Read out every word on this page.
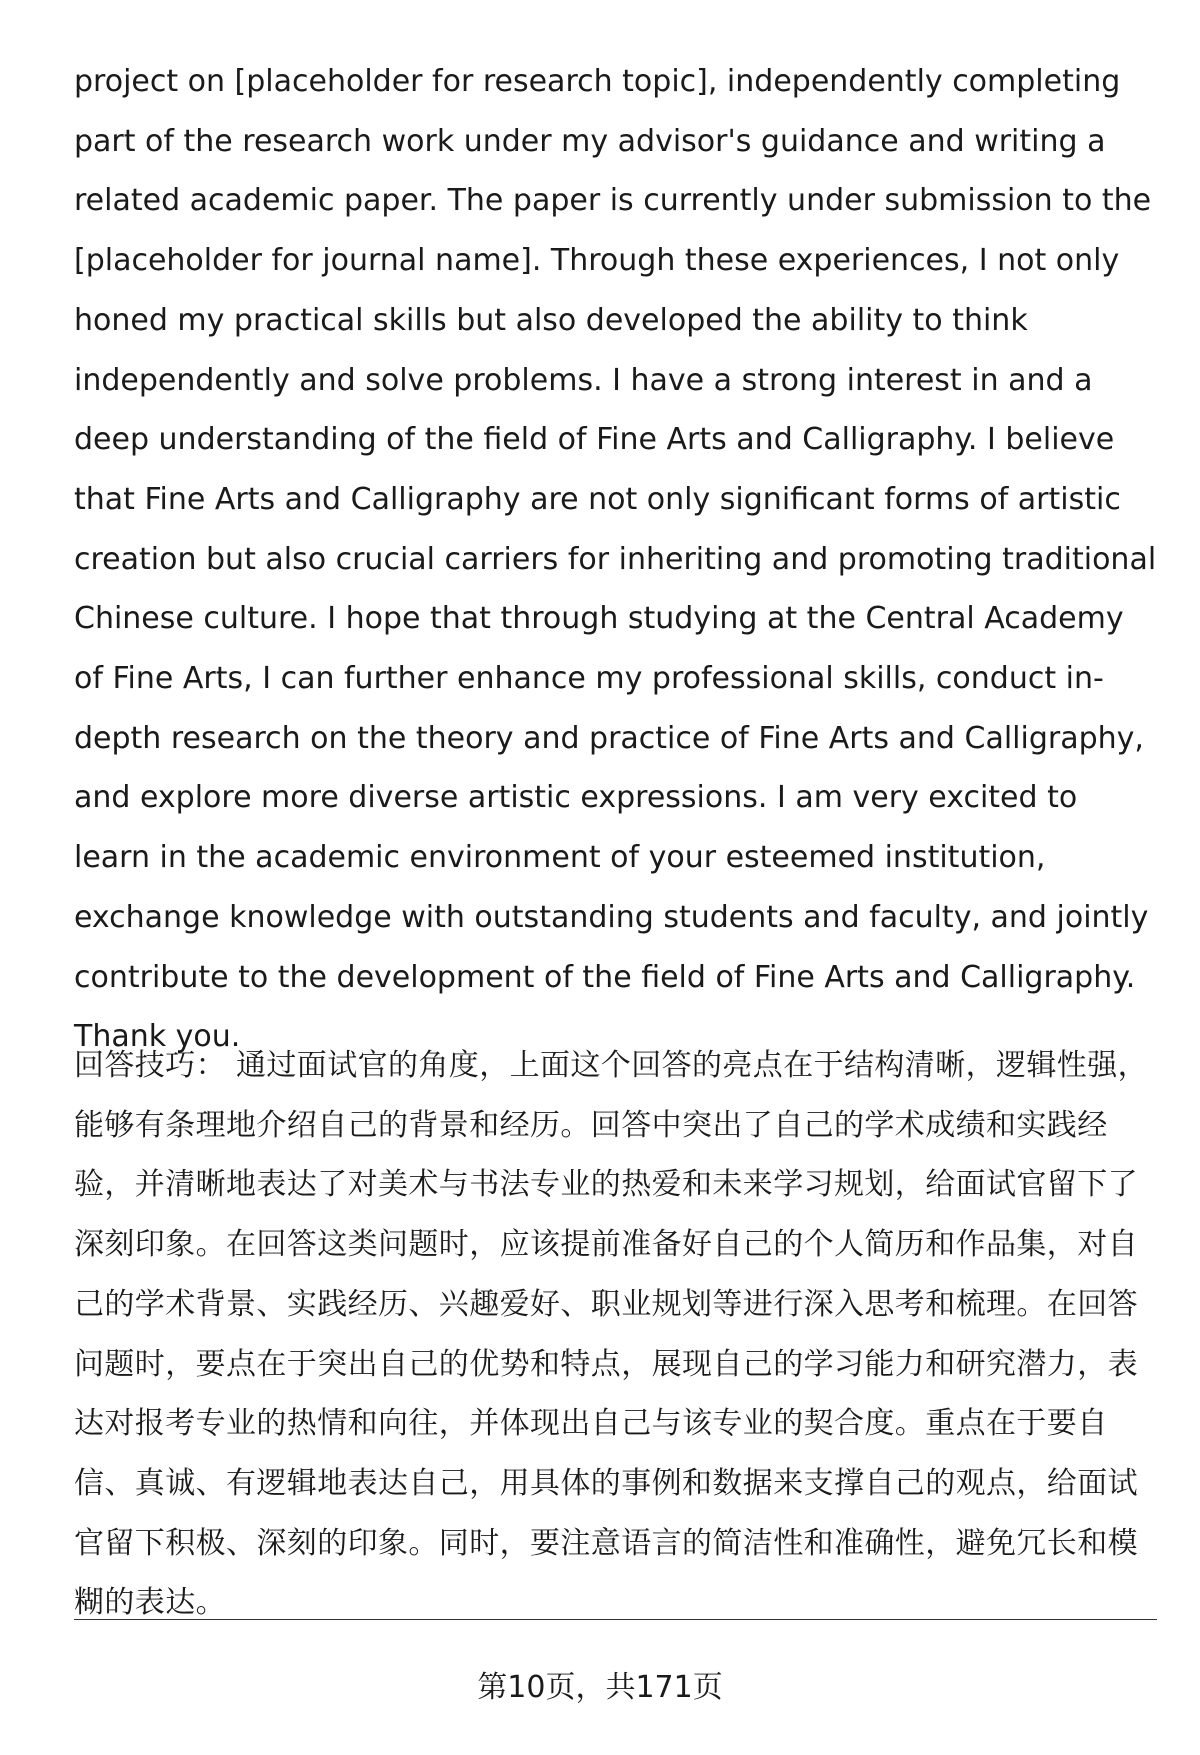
project on [placeholder for research topic], independently completing part of the research work under my advisor's guidance and writing a related academic paper. The paper is currently under submission to the [placeholder for journal name]. Through these experiences, I not only honed my practical skills but also developed the ability to think independently and solve problems. I have a strong interest in and a deep understanding of the field of Fine Arts and Calligraphy. I believe that Fine Arts and Calligraphy are not only significant forms of artistic creation but also crucial carriers for inheriting and promoting traditional Chinese culture. I hope that through studying at the Central Academy of Fine Arts, I can further enhance my professional skills, conduct in-depth research on the theory and practice of Fine Arts and Calligraphy, and explore more diverse artistic expressions. I am very excited to learn in the academic environment of your esteemed institution, exchange knowledge with outstanding students and faculty, and jointly contribute to the development of the field of Fine Arts and Calligraphy. Thank you.

回答技巧： 通过面试官的角度，上面这个回答的亮点在于结构清晰，逻辑性强，能够有条理地介绍自己的背景和经历。回答中突出了自己的学术成绩和实践经验，并清晰地表达了对美术与书法专业的热爱和未来学习规划，给面试官留下了深刻印象。在回答这类问题时，应该提前准备好自己的个人简历和作品集，对自己的学术背景、实践经历、兴趣爱好、职业规划等进行深入思考和梳理。在回答问题时，要点在于突出自己的优势和特点，展现自己的学习能力和研究潜力，表达对报考专业的热情和向往，并体现出自己与该专业的契合度。重点在于要自信、真诚、有逻辑地表达自己，用具体的事例和数据来支撑自己的观点，给面试官留下积极、深刻的印象。同时，要注意语言的简洁性和准确性，避免冗长和模糊的表达。

第10页，共171页
